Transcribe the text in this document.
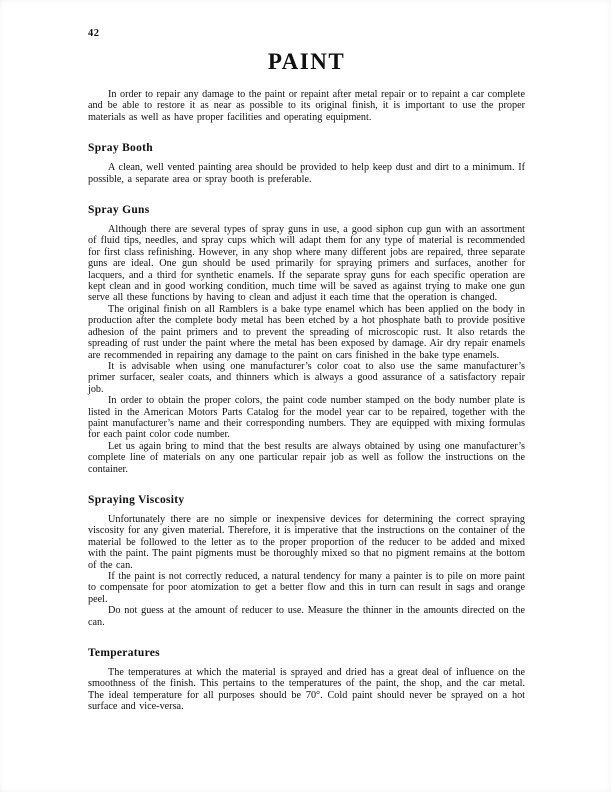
42
PAINT

In order to repair any damage to the paint or repaint after metal repair or to repaint a car complete and be able to restore it as near as possible to its original finish, it is important to use the proper materials as well as have proper facilities and operating equipment.

Spray Booth

A clean, well vented painting area should be provided to help keep dust and dirt to a minimum. If possible, a separate area or spray booth is preferable.

Spray Guns

Although there are several types of spray guns in use, a good siphon cup gun with an assortment of fluid tips, needles, and spray cups which will adapt them for any type of material is recommended for first class refinishing. However, in any shop where many different jobs are repaired, three separate guns are ideal. One gun should be used primarily for spraying primers and surfaces, another for lacquers, and a third for synthetic enamels. If the separate spray guns for each specific operation are kept clean and in good working condition, much time will be saved as against trying to make one gun serve all these functions by having to clean and adjust it each time that the operation is changed.

The original finish on all Ramblers is a bake type enamel which has been applied on the body in production after the complete body metal has been etched by a hot phosphate bath to provide positive adhesion of the paint primers and to prevent the spreading of microscopic rust. It also retards the spreading of rust under the paint where the metal has been exposed by damage. Air dry repair enamels are recommended in repairing any damage to the paint on cars finished in the bake type enamels.

It is advisable when using one manufacturer’s color coat to also use the same manufacturer’s primer surfacer, sealer coats, and thinners which is always a good assurance of a satisfactory repair job.

In order to obtain the proper colors, the paint code number stamped on the body number plate is listed in the American Motors Parts Catalog for the model year car to be repaired, together with the paint manufacturer’s name and their corresponding numbers. They are equipped with mixing formulas for each paint color code number.

Let us again bring to mind that the best results are always obtained by using one manufacturer’s complete line of materials on any one particular repair job as well as follow the instructions on the container.

Spraying Viscosity

Unfortunately there are no simple or inexpensive devices for determining the correct spraying viscosity for any given material. Therefore, it is imperative that the instructions on the container of the material be followed to the letter as to the proper proportion of the reducer to be added and mixed with the paint. The paint pigments must be thoroughly mixed so that no pigment remains at the bottom of the can.

If the paint is not correctly reduced, a natural tendency for many a painter is to pile on more paint to compensate for poor atomization to get a better flow and this in turn can result in sags and orange peel.

Do not guess at the amount of reducer to use. Measure the thinner in the amounts directed on the can.

Temperatures

The temperatures at which the material is sprayed and dried has a great deal of influence on the smoothness of the finish. This pertains to the temperatures of the paint, the shop, and the car metal. The ideal temperature for all purposes should be 70°. Cold paint should never be sprayed on a hot surface and vice-versa.
